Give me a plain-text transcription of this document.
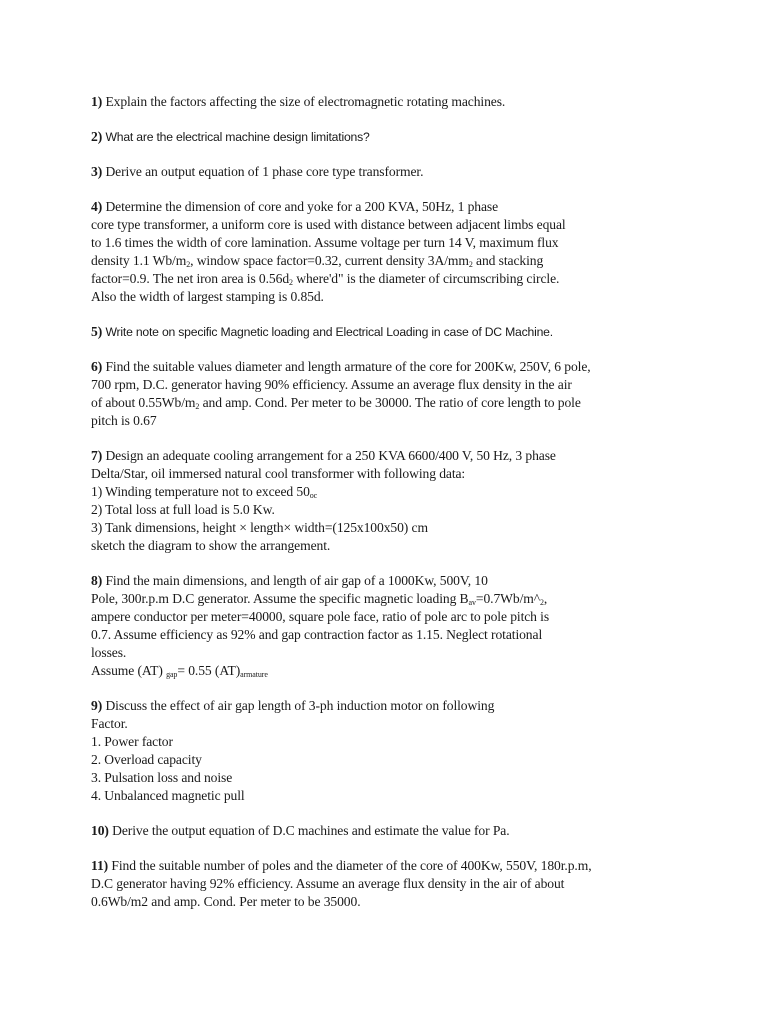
1) Explain the factors affecting the size of electromagnetic rotating machines.

2) What are the electrical machine design limitations?

3) Derive an output equation of 1 phase core type transformer.

4) Determine the dimension of core and yoke for a 200 KVA, 50Hz, 1 phase

core type transformer, a uniform core is used with distance between adjacent limbs equal

to 1.6 times the width of core lamination. Assume voltage per turn 14 V, maximum flux

density 1.1 $Wb/m_2$, window space factor=0.32, current density $3A/mm_2$ and stacking

factor=0.9. The net iron area is $0.56d_2$ where'd" is the diameter of circumscribing circle.

Also the width of largest stamping is 0.85d.

5) Write note on specific Magnetic loading and Electrical Loading in case of DC Machine.

6) Find the suitable values diameter and length armature of the core for 200Kw, 250V, 6 pole,

700 rpm, D.C. generator having 90% efficiency. Assume an average flux density in the air

of about $0.55Wb/m_2$ and amp. Cond. Per meter to be 30000. The ratio of core length to pole

pitch is 0.67

7) Design an adequate cooling arrangement for a 250 KVA 6600/400 V, 50 Hz, 3 phase

Delta/Star, oil immersed natural cool transformer with following data:

1) Winding temperature not to exceed $50_{oc}$

2) Total loss at full load is 5.0 Kw.

3) Tank dimensions, height × length× width=(125x100x50) cm

sketch the diagram to show the arrangement.

8) Find the main dimensions, and length of air gap of a 1000Kw, 500V, 10

Pole, 300r.p.m D.C generator. Assume the specific magnetic loading $B_{av}=0.7Wb/m\^{}_2$,

ampere conductor per meter=40000, square pole face, ratio of pole arc to pole pitch is

0.7. Assume efficiency as 92% and gap contraction factor as 1.15. Neglect rotational

losses.

Assume (AT) $_{gap}$= 0.55 $(AT)_{armature}$

9) Discuss the effect of air gap length of 3-ph induction motor on following

Factor.

1. Power factor

2. Overload capacity

3. Pulsation loss and noise

4. Unbalanced magnetic pull

10) Derive the output equation of D.C machines and estimate the value for Pa.

11) Find the suitable number of poles and the diameter of the core of 400Kw, 550V, 180r.p.m,

D.C generator having 92% efficiency. Assume an average flux density in the air of about

0.6Wb/m2 and amp. Cond. Per meter to be 35000.
